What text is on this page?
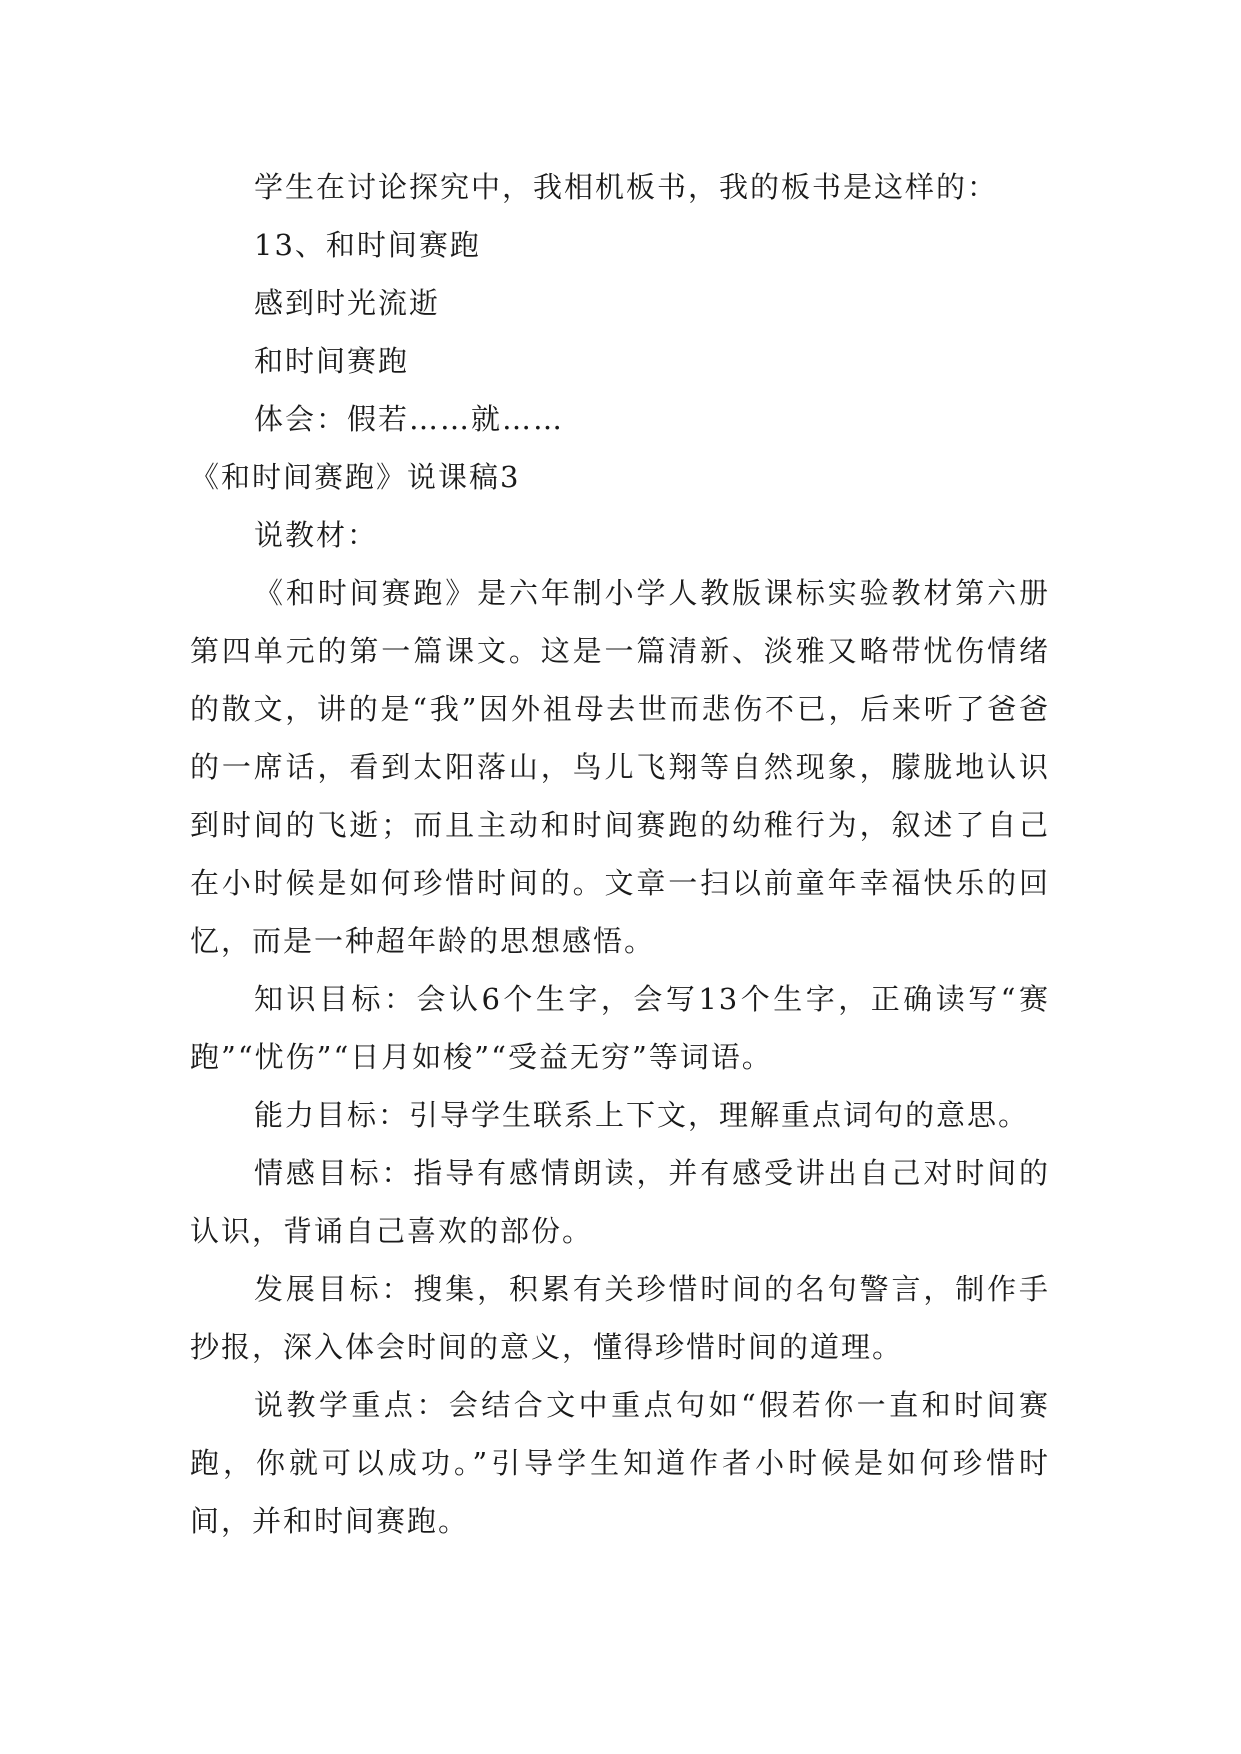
学生在讨论探究中，我相机板书，我的板书是这样的：
13、和时间赛跑
感到时光流逝
和时间赛跑
体会：假若……就……
《和时间赛跑》说课稿3
说教材：

《和时间赛跑》是六年制小学人教版课标实验教材第六册第四单元的第一篇课文。这是一篇清新、淡雅又略带忧伤情绪的散文，讲的是“我”因外祖母去世而悲伤不已，后来听了爸爸的一席话，看到太阳落山，鸟儿飞翔等自然现象，朦胧地认识到时间的飞逝；而且主动和时间赛跑的幼稚行为，叙述了自己在小时候是如何珍惜时间的。文章一扫以前童年幸福快乐的回忆，而是一种超年龄的思想感悟。

知识目标：会认6个生字，会写13个生字，正确读写“赛跑”“忧伤”“日月如梭”“受益无穷”等词语。

能力目标：引导学生联系上下文，理解重点词句的意思。

情感目标：指导有感情朗读，并有感受讲出自己对时间的认识，背诵自己喜欢的部份。

发展目标：搜集，积累有关珍惜时间的名句警言，制作手抄报，深入体会时间的意义，懂得珍惜时间的道理。

说教学重点：会结合文中重点句如“假若你一直和时间赛跑，你就可以成功。”引导学生知道作者小时候是如何珍惜时间，并和时间赛跑。
